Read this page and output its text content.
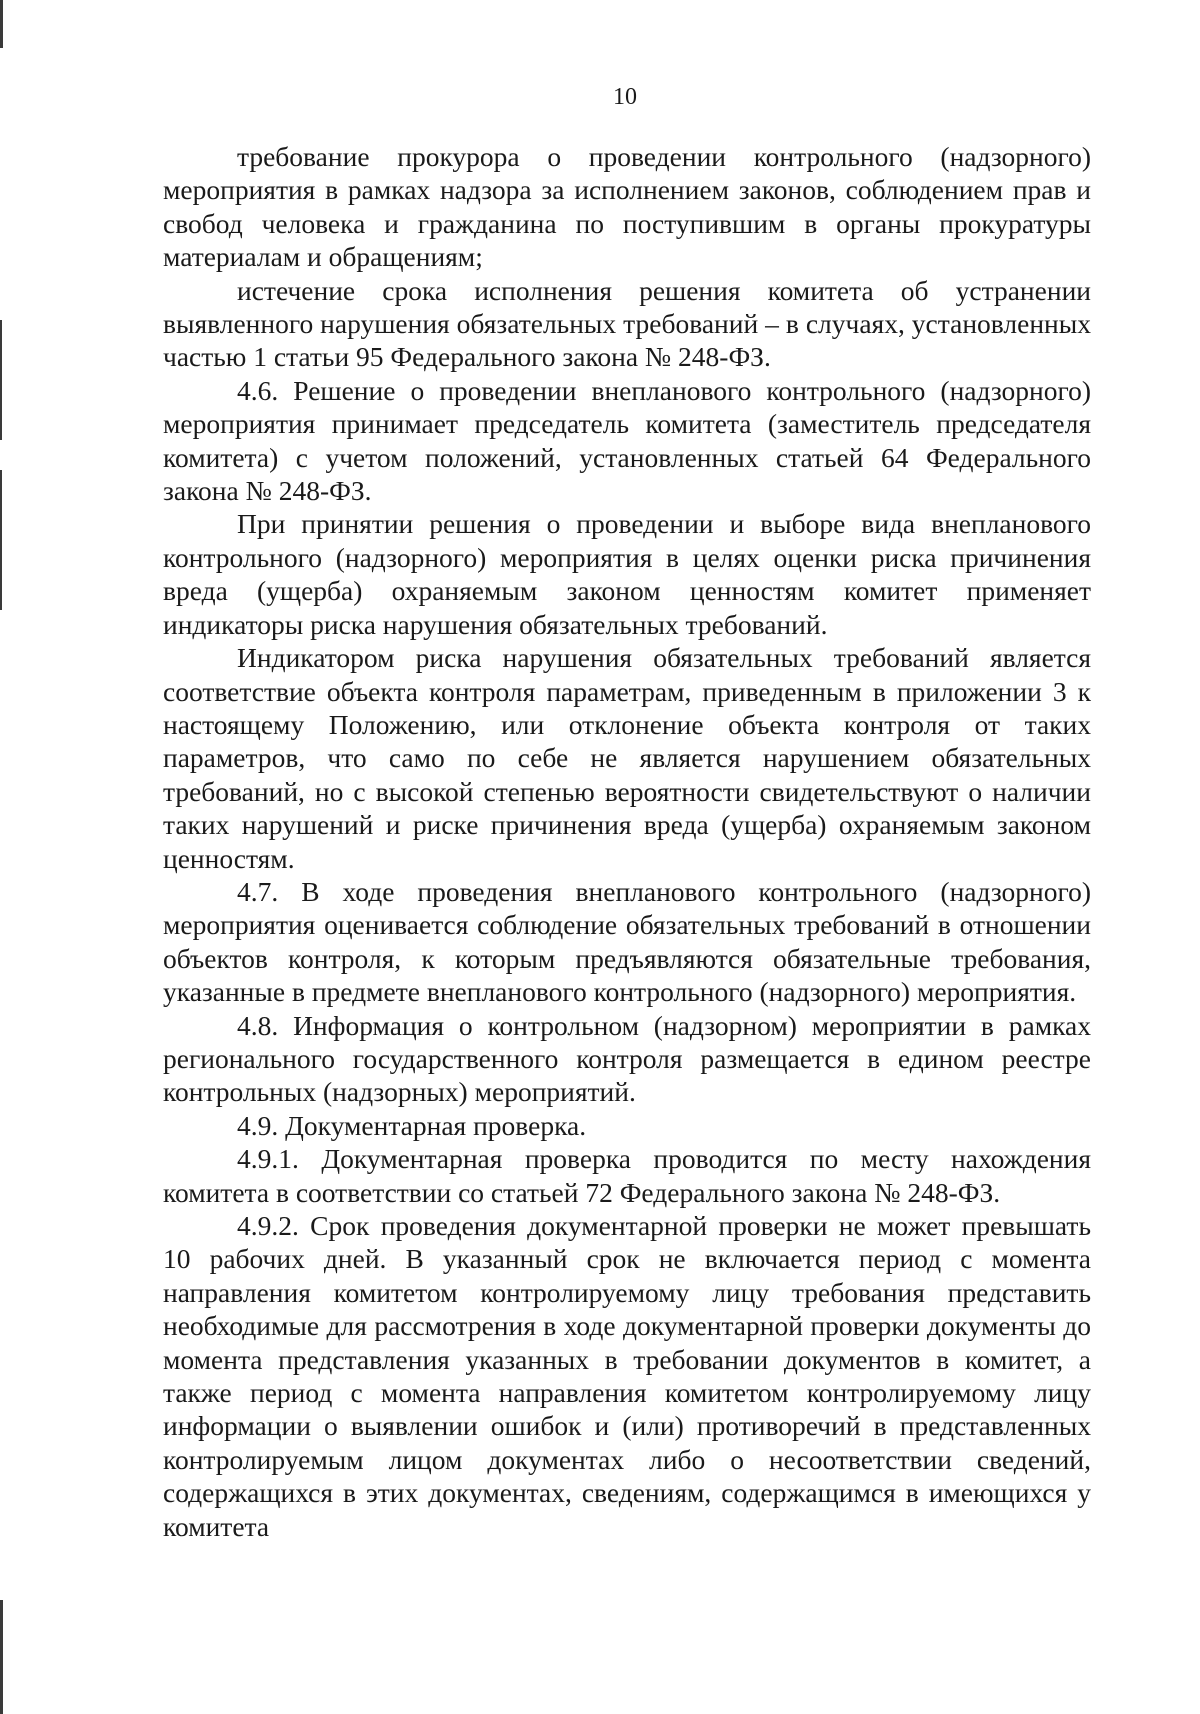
10

требование прокурора о проведении контрольного (надзорного) мероприятия в рамках надзора за исполнением законов, соблюдением прав и свобод человека и гражданина по поступившим в органы прокуратуры материалам и обращениям;

истечение срока исполнения решения комитета об устранении выявленного нарушения обязательных требований – в случаях, установленных частью 1 статьи 95 Федерального закона № 248-ФЗ.

4.6. Решение о проведении внепланового контрольного (надзорного) мероприятия принимает председатель комитета (заместитель председателя комитета) с учетом положений, установленных статьей 64 Федерального закона № 248-ФЗ.

При принятии решения о проведении и выборе вида внепланового контрольного (надзорного) мероприятия в целях оценки риска причинения вреда (ущерба) охраняемым законом ценностям комитет применяет индикаторы риска нарушения обязательных требований.

Индикатором риска нарушения обязательных требований является соответствие объекта контроля параметрам, приведенным в приложении 3 к настоящему Положению, или отклонение объекта контроля от таких параметров, что само по себе не является нарушением обязательных требований, но с высокой степенью вероятности свидетельствуют о наличии таких нарушений и риске причинения вреда (ущерба) охраняемым законом ценностям.

4.7. В ходе проведения внепланового контрольного (надзорного) мероприятия оценивается соблюдение обязательных требований в отношении объектов контроля, к которым предъявляются обязательные требования, указанные в предмете внепланового контрольного (надзорного) мероприятия.

4.8. Информация о контрольном (надзорном) мероприятии в рамках регионального государственного контроля размещается в едином реестре контрольных (надзорных) мероприятий.

4.9. Документарная проверка.

4.9.1. Документарная проверка проводится по месту нахождения комитета в соответствии со статьей 72 Федерального закона № 248-ФЗ.

4.9.2. Срок проведения документарной проверки не может превышать 10 рабочих дней. В указанный срок не включается период с момента направления комитетом контролируемому лицу требования представить необходимые для рассмотрения в ходе документарной проверки документы до момента представления указанных в требовании документов в комитет, а также период с момента направления комитетом контролируемому лицу информации о выявлении ошибок и (или) противоречий в представленных контролируемым лицом документах либо о несоответствии сведений, содержащихся в этих документах, сведениям, содержащимся в имеющихся у комитета
